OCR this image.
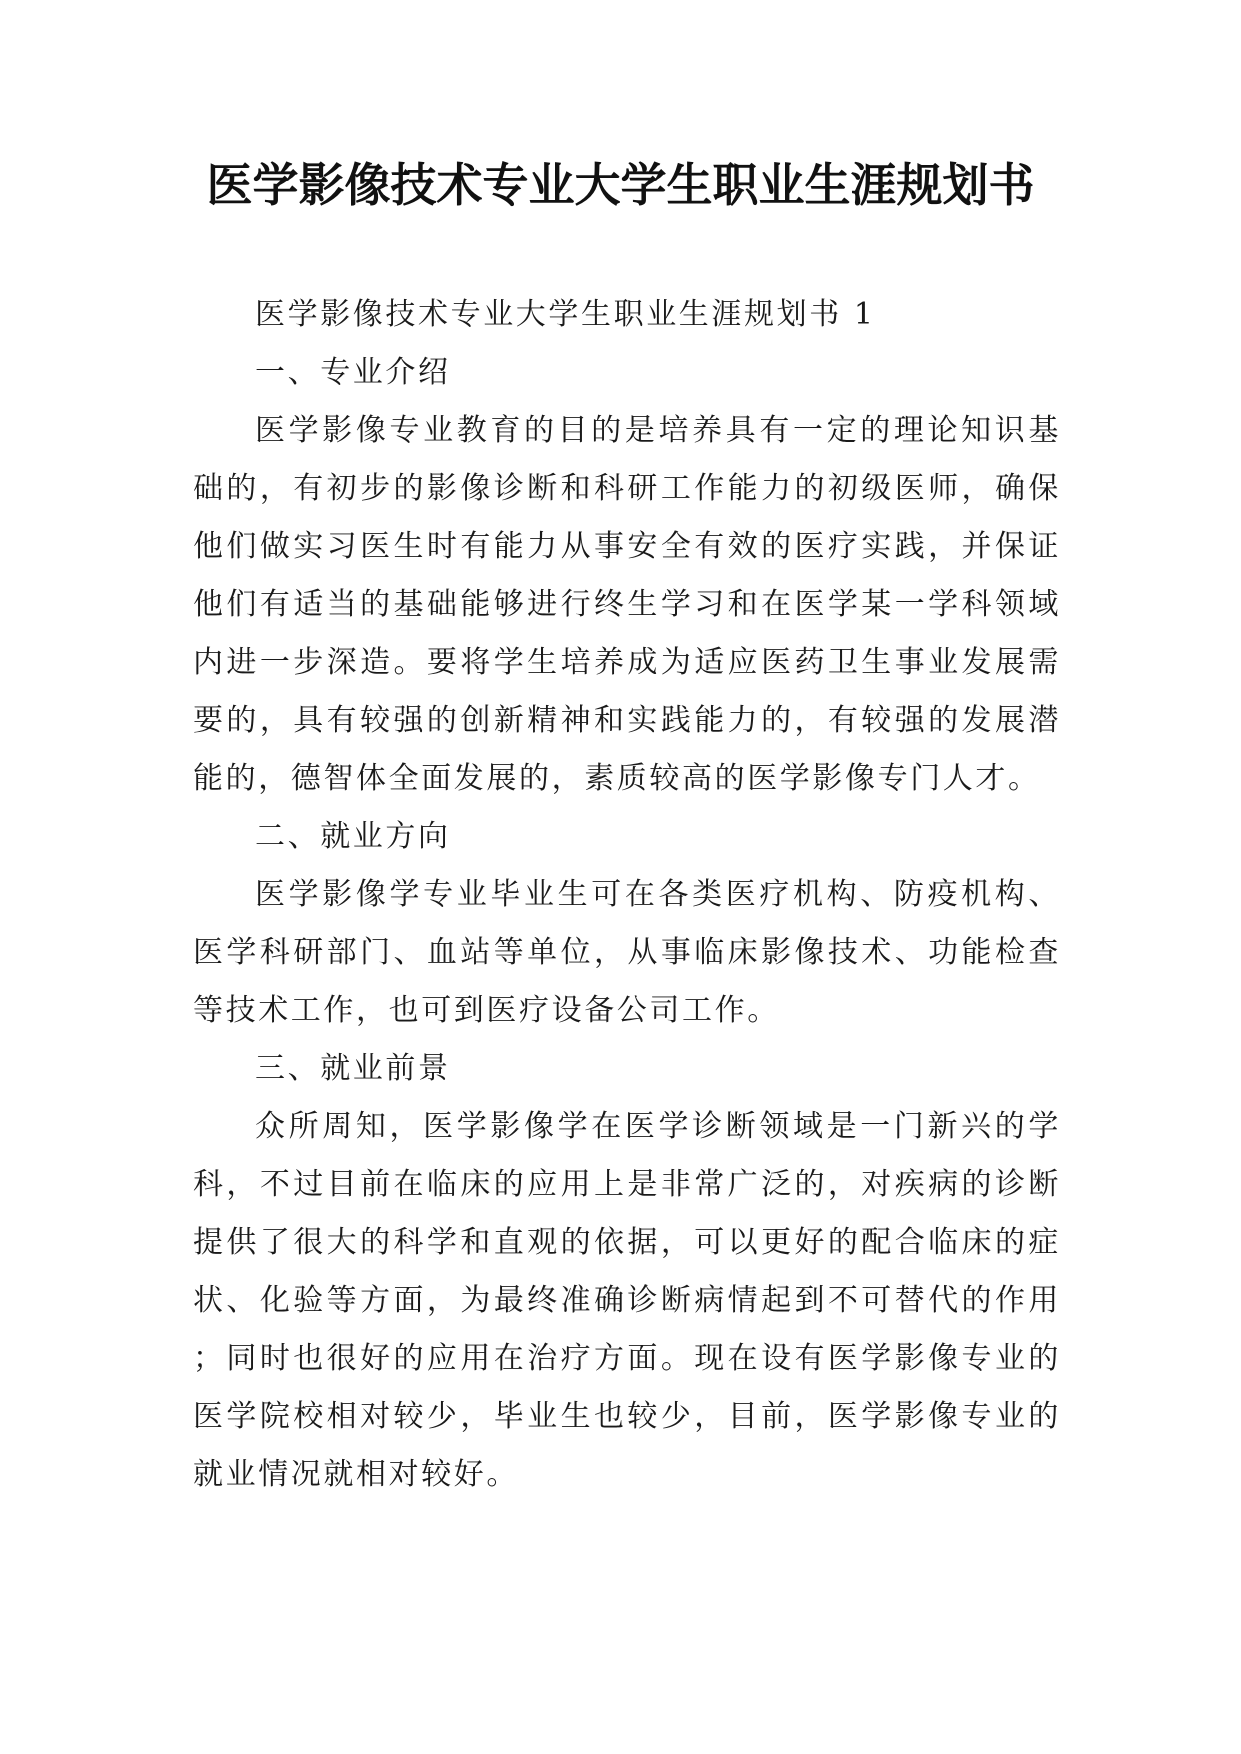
医学影像技术专业大学生职业生涯规划书

医学影像技术专业大学生职业生涯规划书 1

一、专业介绍

医学影像专业教育的目的是培养具有一定的理论知识基础的，有初步的影像诊断和科研工作能力的初级医师，确保他们做实习医生时有能力从事安全有效的医疗实践，并保证他们有适当的基础能够进行终生学习和在医学某一学科领域内进一步深造。要将学生培养成为适应医药卫生事业发展需要的，具有较强的创新精神和实践能力的，有较强的发展潜能的，德智体全面发展的，素质较高的医学影像专门人才。

二、就业方向

医学影像学专业毕业生可在各类医疗机构、防疫机构、医学科研部门、血站等单位，从事临床影像技术、功能检查等技术工作，也可到医疗设备公司工作。

三、就业前景

众所周知，医学影像学在医学诊断领域是一门新兴的学科，不过目前在临床的应用上是非常广泛的，对疾病的诊断提供了很大的科学和直观的依据，可以更好的配合临床的症状、化验等方面，为最终准确诊断病情起到不可替代的作用；同时也很好的应用在治疗方面。现在设有医学影像专业的医学院校相对较少，毕业生也较少，目前，医学影像专业的就业情况就相对较好。
